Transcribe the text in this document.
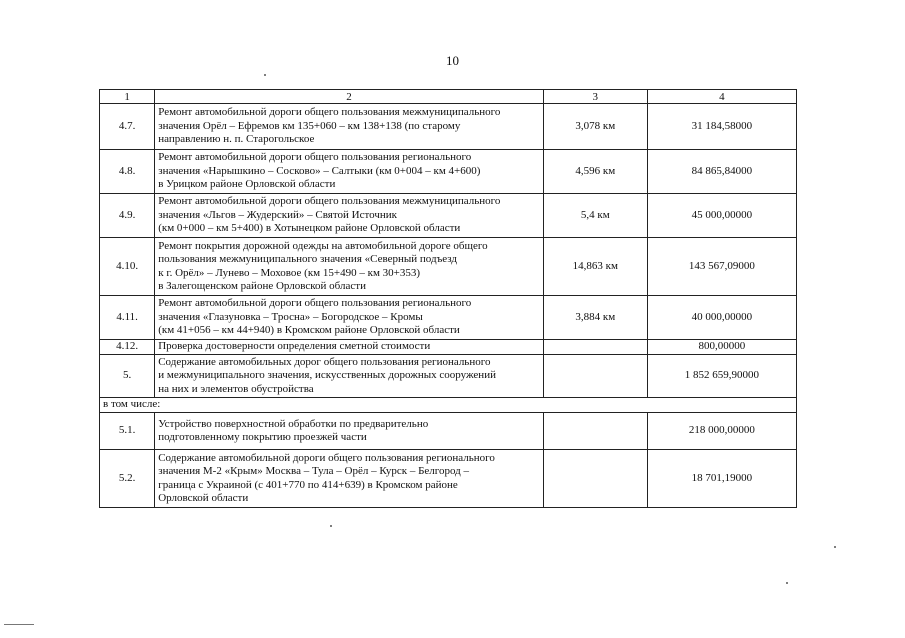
10
1	2	3	4
4.7.	Ремонт автомобильной дороги общего пользования межмуниципального
значения Орёл – Ефремов км 135+060 – км 138+138 (по старому
направлению н. п. Старогольское	3,078 км	31 184,58000
4.8.	Ремонт автомобильной дороги общего пользования регионального
значения «Нарышкино – Сосково» – Салтыки (км 0+004 – км 4+600)
в Урицком районе Орловской области	4,596 км	84 865,84000
4.9.	Ремонт автомобильной дороги общего пользования межмуниципального
значения «Льгов – Жудерский» – Святой Источник
(км 0+000 – км 5+400) в Хотынецком районе Орловской области	5,4 км	45 000,00000
4.10.	Ремонт покрытия дорожной одежды на автомобильной дороге общего
пользования межмуниципального значения «Северный подъезд
к г. Орёл» – Лунево – Моховое (км 15+490 – км 30+353)
в Залегощенском районе Орловской области	14,863 км	143 567,09000
4.11.	Ремонт автомобильной дороги общего пользования регионального
значения «Глазуновка – Тросна» – Богородское – Кромы
(км 41+056 – км 44+940) в Кромском районе Орловской области	3,884 км	40 000,00000
4.12.	Проверка достоверности определения сметной стоимости		800,00000
5.	Содержание автомобильных дорог общего пользования регионального
и межмуниципального значения, искусственных дорожных сооружений
на них и элементов обустройства		1 852 659,90000
в том числе:			
5.1.	Устройство поверхностной обработки по предварительно
подготовленному покрытию проезжей части		218 000,00000
5.2.	Содержание автомобильной дороги общего пользования регионального
значения М-2 «Крым» Москва – Тула – Орёл – Курск – Белгород –
граница с Украиной (с 401+770 по 414+639) в Кромском районе
Орловской области		18 701,19000
